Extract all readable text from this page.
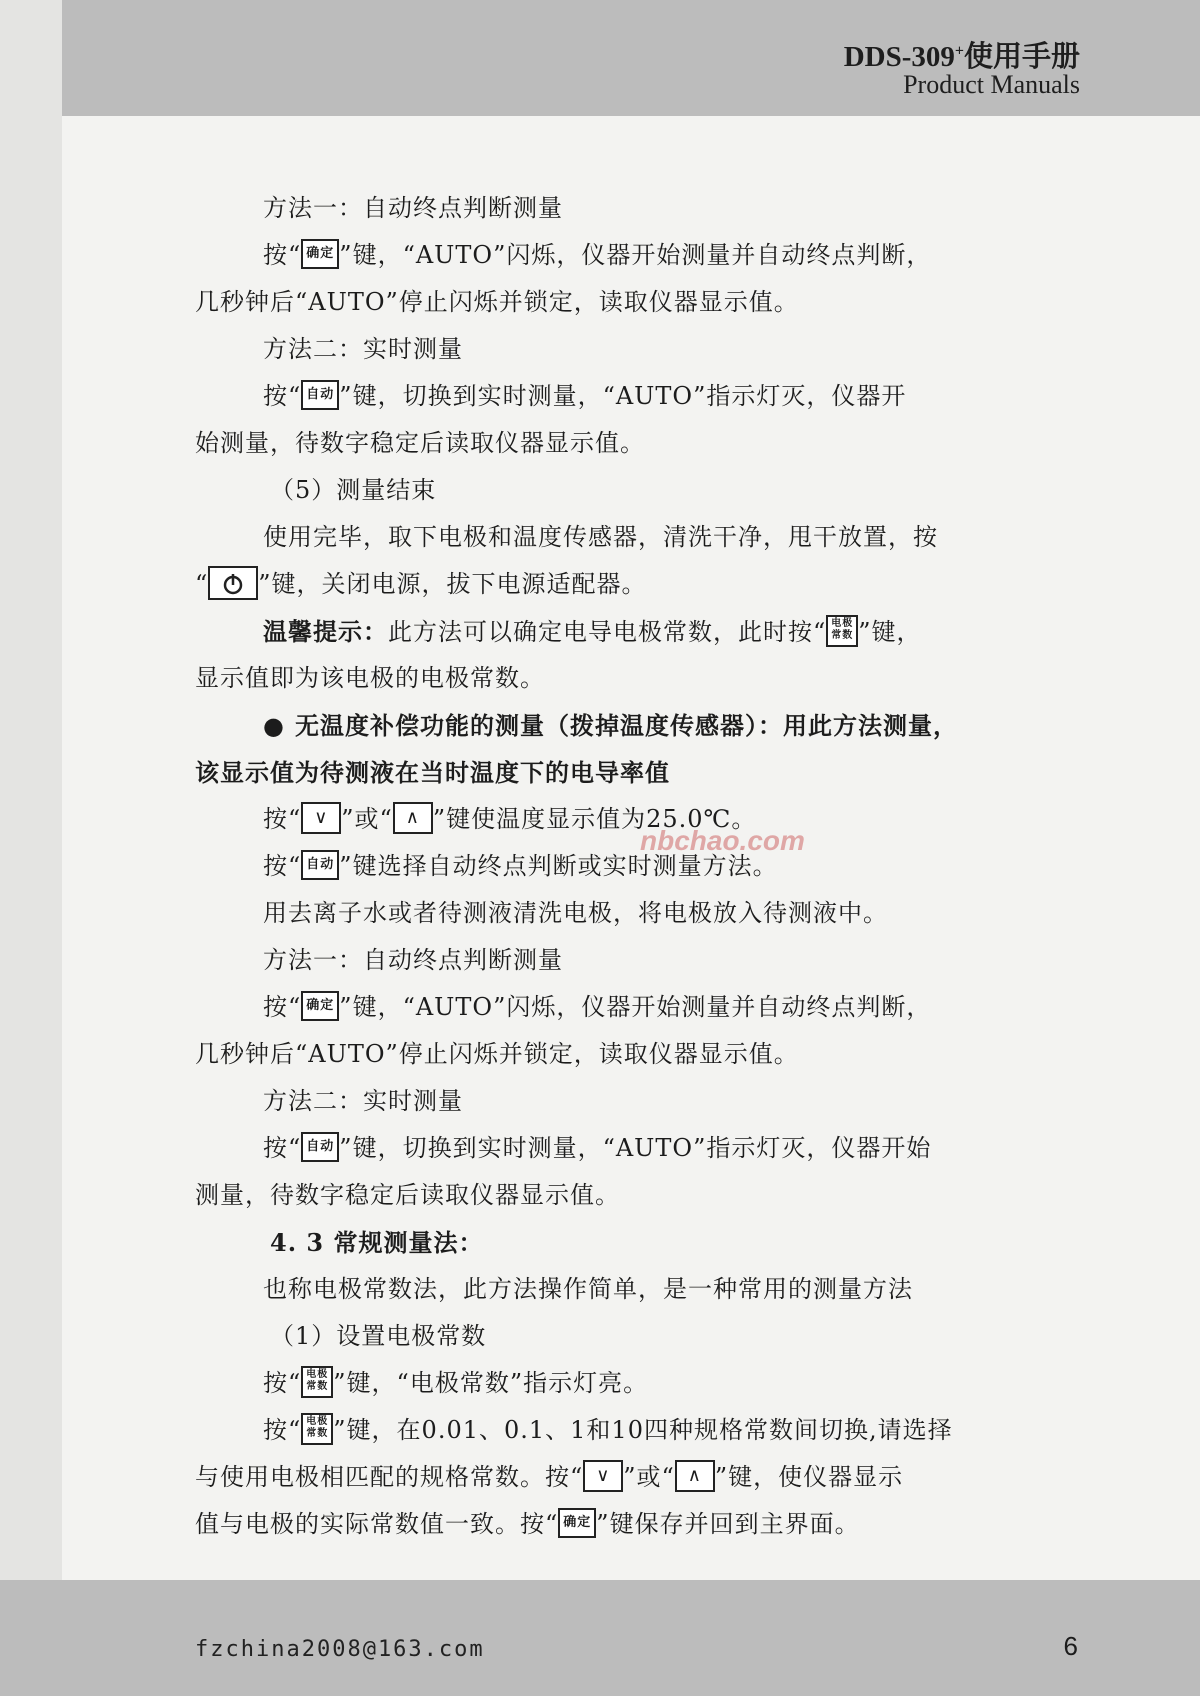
DDS-309+使用手册
Product Manuals
方法一：自动终点判断测量
按“ 确定 ”键，“AUTO”闪烁，仪器开始测量并自动终点判断，
几秒钟后“AUTO”停止闪烁并锁定，读取仪器显示值。
方法二：实时测量
按“ 自动 ”键，切换到实时测量，“AUTO”指示灯灭，仪器开
始测量，待数字稳定后读取仪器显示值。
（5）测量结束
使用完毕，取下电极和温度传感器，清洗干净，甩干放置，按
“ ”键，关闭电源，拔下电源适配器。
温馨提示：此方法可以确定电导电极常数，此时按“ 电极
常数 ”键，
显示值即为该电极的电极常数。
● 无温度补偿功能的测量（拨掉温度传感器）：用此方法测量，
该显示值为待测液在当时温度下的电导率值
按“ ∨ ”或“ ∧ ”键使温度显示值为25.0℃。
按“ 自动 ”键选择自动终点判断或实时测量方法。
用去离子水或者待测液清洗电极，将电极放入待测液中。
方法一：自动终点判断测量
按“ 确定 ”键，“AUTO”闪烁，仪器开始测量并自动终点判断，
几秒钟后“AUTO”停止闪烁并锁定，读取仪器显示值。
方法二：实时测量
按“ 自动 ”键，切换到实时测量，“AUTO”指示灯灭，仪器开始
测量，待数字稳定后读取仪器显示值。
4. 3 常规测量法：
也称电极常数法，此方法操作简单，是一种常用的测量方法
（1）设置电极常数
按“ 电极
常数 ”键，“电极常数”指示灯亮。
按“ 电极
常数 ”键，在0.01、0.1、1和10四种规格常数间切换,请选择
与使用电极相匹配的规格常数。按“ ∨ ”或“ ∧ ”键，使仪器显示
值与电极的实际常数值一致。按“ 确定 ”键保存并回到主界面。
nbchao.com
fzchina2008@163.com	6
